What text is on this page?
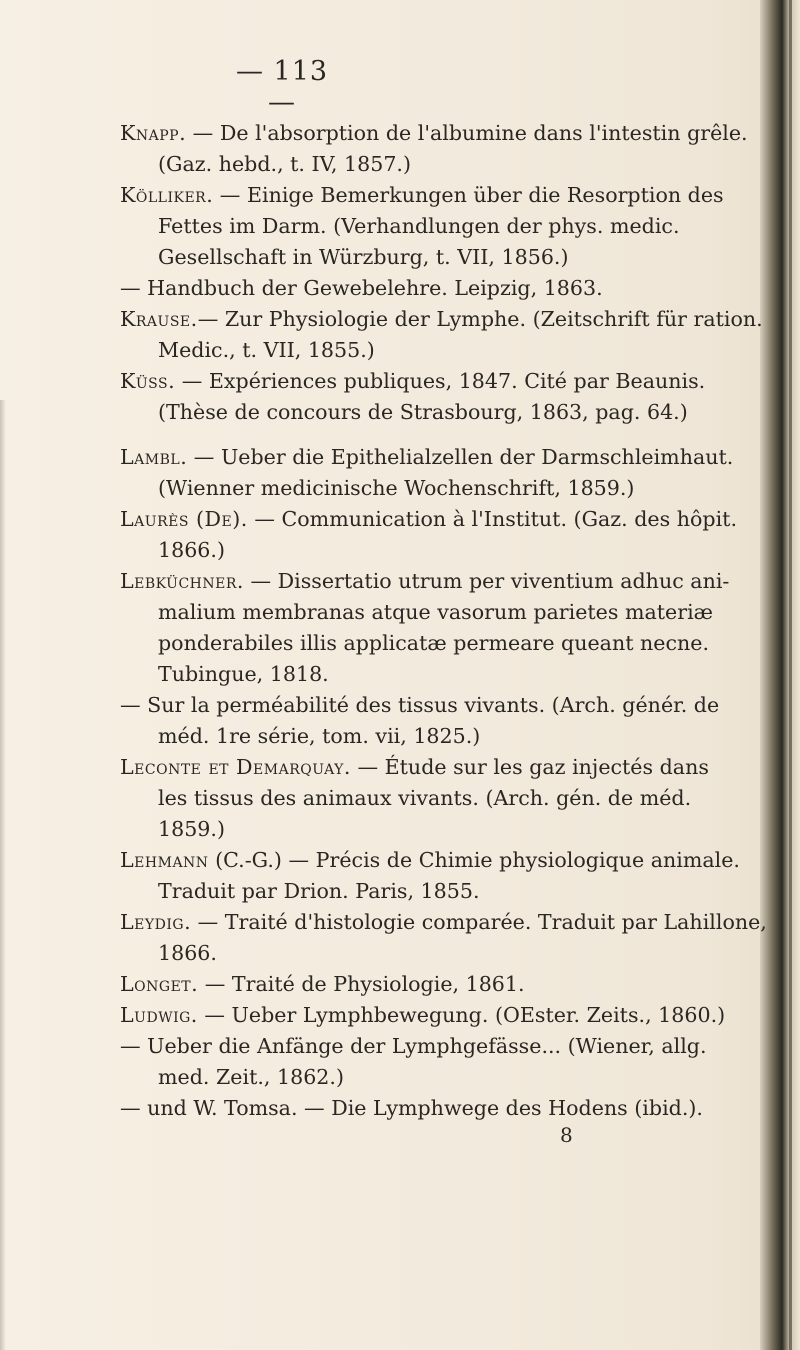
— 113 —

Knapp. — De l'absorption de l'albumine dans l'intestin grêle.
(Gaz. hebd., t. IV, 1857.)

Kölliker. — Einige Bemerkungen über die Resorption des
Fettes im Darm. (Verhandlungen der phys. medic.
Gesellschaft in Würzburg, t. VII, 1856.)

— Handbuch der Gewebelehre. Leipzig, 1863.

Krause.— Zur Physiologie der Lymphe. (Zeitschrift für ration.
Medic., t. VII, 1855.)

Küss. — Expériences publiques, 1847. Cité par Beaunis.
(Thèse de concours de Strasbourg, 1863, pag. 64.)

Lambl. — Ueber die Epithelialzellen der Darmschleimhaut.
(Wienner medicinische Wochenschrift, 1859.)

Laurès (De). — Communication à l'Institut. (Gaz. des hôpit.
1866.)

Lebküchner. — Dissertatio utrum per viventium adhuc ani-
malium membranas atque vasorum parietes materiæ
ponderabiles illis applicatæ permeare queant necne.
Tubingue, 1818.

— Sur la perméabilité des tissus vivants. (Arch. génér. de
méd. 1re série, tom. vii, 1825.)

Leconte et Demarquay. — Étude sur les gaz injectés dans
les tissus des animaux vivants. (Arch. gén. de méd.
1859.)

Lehmann (C.-G.) — Précis de Chimie physiologique animale.
Traduit par Drion. Paris, 1855.

Leydig. — Traité d'histologie comparée. Traduit par Lahillone,
1866.

Longet. — Traité de Physiologie, 1861.

Ludwig. — Ueber Lymphbewegung. (OEster. Zeits., 1860.)

— Ueber die Anfänge der Lymphgefässe... (Wiener, allg.
med. Zeit., 1862.)

— und W. Tomsa. — Die Lymphwege des Hodens (ibid.).

8
